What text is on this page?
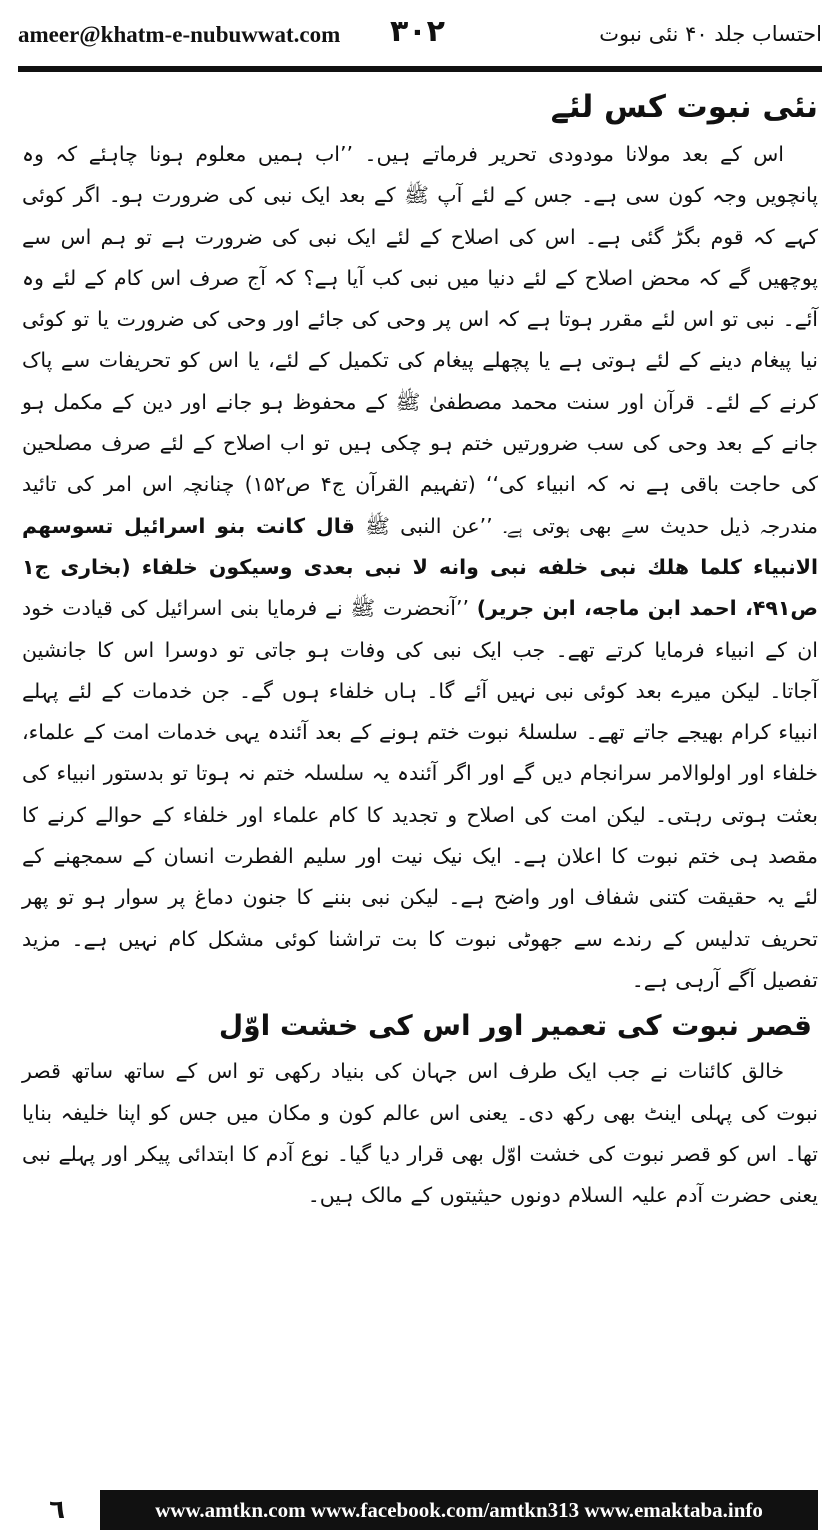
ameer@khatm-e-nubuwwat.com ۳۰۲	احتساب جلد ۴۰ نئی نبوت
نئی نبوت کس لئے

اس کے بعد مولانا مودودی تحریر فرماتے ہیں۔ ’’اب ہمیں معلوم ہونا چاہئے کہ وہ پانچویں وجہ کون سی ہے۔ جس کے لئے آپ ﷺ کے بعد ایک نبی کی ضرورت ہو۔ اگر کوئی کہے کہ قوم بگڑ گئی ہے۔ اس کی اصلاح کے لئے ایک نبی کی ضرورت ہے تو ہم اس سے پوچھیں گے کہ محض اصلاح کے لئے دنیا میں نبی کب آیا ہے؟ کہ آج صرف اس کام کے لئے وہ آئے۔ نبی تو اس لئے مقرر ہوتا ہے کہ اس پر وحی کی جائے اور وحی کی ضرورت یا تو کوئی نیا پیغام دینے کے لئے ہوتی ہے یا پچھلے پیغام کی تکمیل کے لئے، یا اس کو تحریفات سے پاک کرنے کے لئے۔ قرآن اور سنت محمد مصطفیٰ ﷺ کے محفوظ ہو جانے اور دین کے مکمل ہو جانے کے بعد وحی کی سب ضرورتیں ختم ہو چکی ہیں تو اب اصلاح کے لئے صرف مصلحین کی حاجت باقی ہے نہ کہ انبیاء کی‘‘ (تفہیم القرآن ج۴ ص۱۵۲) چنانچہ اس امر کی تائید مندرجہ ذیل حدیث سے بھی ہوتی ہے۔ ’’عن النبی ﷺ قال کانت بنو اسرائیل تسوسھم الانبیاء کلما ھلك نبی خلفه نبی وانه لا نبی بعدی وسیکون خلفاء (بخاری ج۱ ص۴۹۱، احمد ابن ماجه، ابن جریر) ’’آنحضرت ﷺ نے فرمایا بنی اسرائیل کی قیادت خود ان کے انبیاء فرمایا کرتے تھے۔ جب ایک نبی کی وفات ہو جاتی تو دوسرا اس کا جانشین آجاتا۔ لیکن میرے بعد کوئی نبی نہیں آئے گا۔ ہاں خلفاء ہوں گے۔ جن خدمات کے لئے پہلے انبیاء کرام بھیجے جاتے تھے۔ سلسلۂ نبوت ختم ہونے کے بعد آئندہ یہی خدمات امت کے علماء، خلفاء اور اولوالامر سرانجام دیں گے اور اگر آئندہ یہ سلسلہ ختم نہ ہوتا تو بدستور انبیاء کی بعثت ہوتی رہتی۔ لیکن امت کی اصلاح و تجدید کا کام علماء اور خلفاء کے حوالے کرنے کا مقصد ہی ختم نبوت کا اعلان ہے۔ ایک نیک نیت اور سلیم الفطرت انسان کے سمجھنے کے لئے یہ حقیقت کتنی شفاف اور واضح ہے۔ لیکن نبی بننے کا جنون دماغ پر سوار ہو تو پھر تحریف تدلیس کے رندے سے جھوٹی نبوت کا بت تراشنا کوئی مشکل کام نہیں ہے۔ مزید تفصیل آگے آرہی ہے۔

قصر نبوت کی تعمیر اور اس کی خشت اوّل

خالق کائنات نے جب ایک طرف اس جہان کی بنیاد رکھی تو اس کے ساتھ ساتھ قصر نبوت کی پہلی اینٹ بھی رکھ دی۔ یعنی اس عالم کون و مکان میں جس کو اپنا خلیفہ بنایا تھا۔ اس کو قصر نبوت کی خشت اوّل بھی قرار دیا گیا۔ نوع آدم کا ابتدائی پیکر اور پہلے نبی یعنی حضرت آدم علیہ السلام دونوں حیثیتوں کے مالک ہیں۔

٦	www.amtkn.com www.facebook.com/amtkn313 www.emaktaba.info
